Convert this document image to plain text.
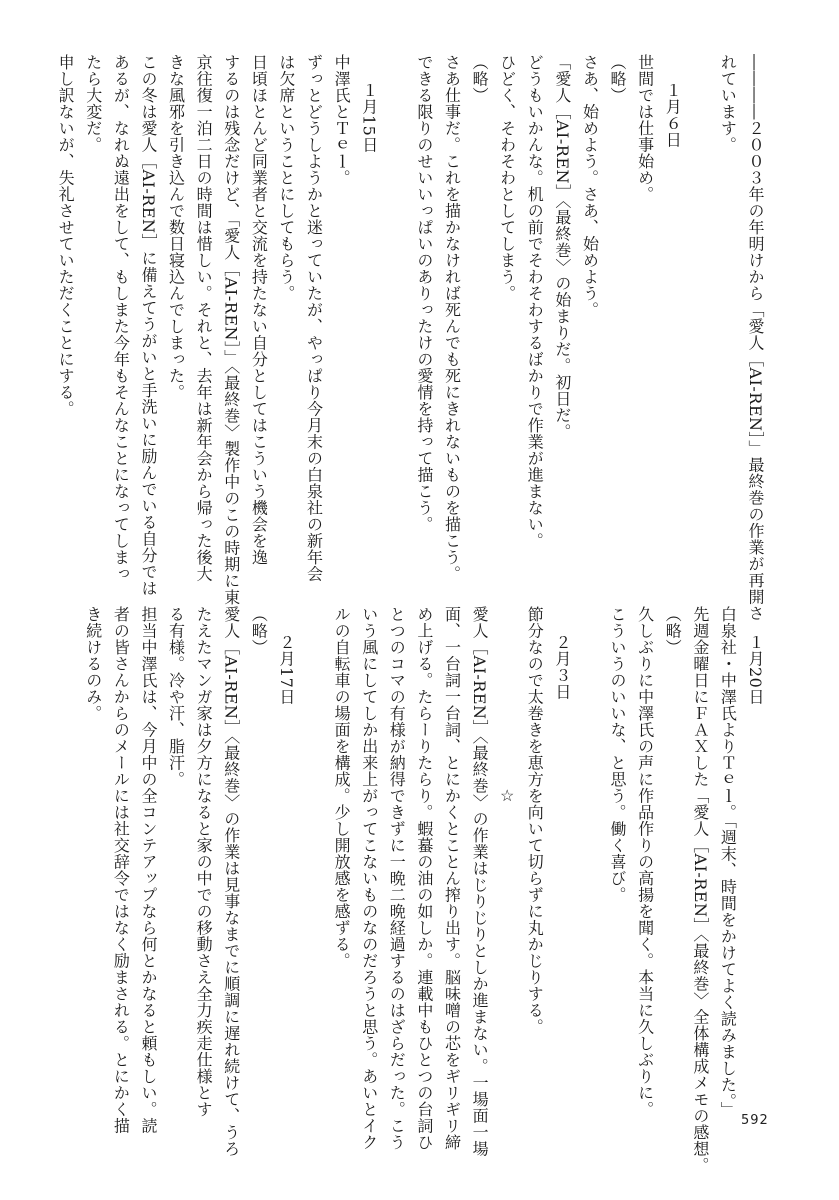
――――２００３年の年明けから「愛人［AI-REN］」最終巻の作業が再開さ
れています。

１月６日
世間では仕事始め。
（略）
さあ、始めよう。さあ、始めよう。
「愛人［AI-REN］〈最終巻〉の始まりだ。初日だ。
どうもいかんな。机の前でそわそわするばかりで作業が進まない。
ひどく、そわそわとしてしまう。
（略）
さあ仕事だ。これを描かなければ死んでも死にきれないものを描こう。
できる限りのせいいっぱいのありったけの愛情を持って描こう。

１月15日
中澤氏とＴｅｌ。
ずっとどうしようかと迷っていたが、やっぱり今月末の白泉社の新年会
は欠席ということにしてもらう。
日頃ほとんど同業者と交流を持たない自分としてはこういう機会を逸
するのは残念だけど、「愛人［AI-REN］」〈最終巻〉製作中のこの時期に東
京往復一泊二日の時間は惜しい。それと、去年は新年会から帰った後大
きな風邪を引き込んで数日寝込んでしまった。
この冬は愛人［AI-REN］に備えてうがいと手洗いに励んでいる自分では
あるが、なれぬ遠出をして、もしまた今年もそんなことになってしまっ
たら大変だ。
申し訳ないが、失礼させていただくことにする。
１月20日
白泉社・中澤氏よりＴｅｌ。「週末、時間をかけてよく読みました。」
先週金曜日にＦＡＸした「愛人［AI-REN］〈最終巻〉全体構成メモの感想。
（略）
久しぶりに中澤氏の声に作品作りの高揚を聞く。本当に久しぶりに。
こういうのいいな、と思う。働く喜び。

２月３日
節分なので太巻きを恵方を向いて切らずに丸かじりする。
☆
愛人［AI-REN］〈最終巻〉の作業はじりじりとしか進まない。一場面一場
面、一台詞一台詞、とにかくとことん搾り出す。脳味噌の芯をギリギリ締
め上げる。たらーりたらり。蝦蟇の油の如しか。連載中もひとつの台詞ひ
とつのコマの有様が納得できずに一晩二晩経過するのはざらだった。こう
いう風にしてしか出来上がってこないものなのだろうと思う。あいとイク
ルの自転車の場面を構成。少し開放感を感ずる。

２月17日
（略）
愛人［AI-REN］〈最終巻〉の作業は見事なまでに順調に遅れ続けて、うろ
たえたマンガ家は夕方になると家の中での移動さえ全力疾走仕様とす
る有様。冷や汗、脂汗。
担当中澤氏は、今月中の全コンテアップなら何とかなると頼もしい。読
者の皆さんからのメールには社交辞令ではなく励まされる。とにかく描
き続けるのみ。
592
